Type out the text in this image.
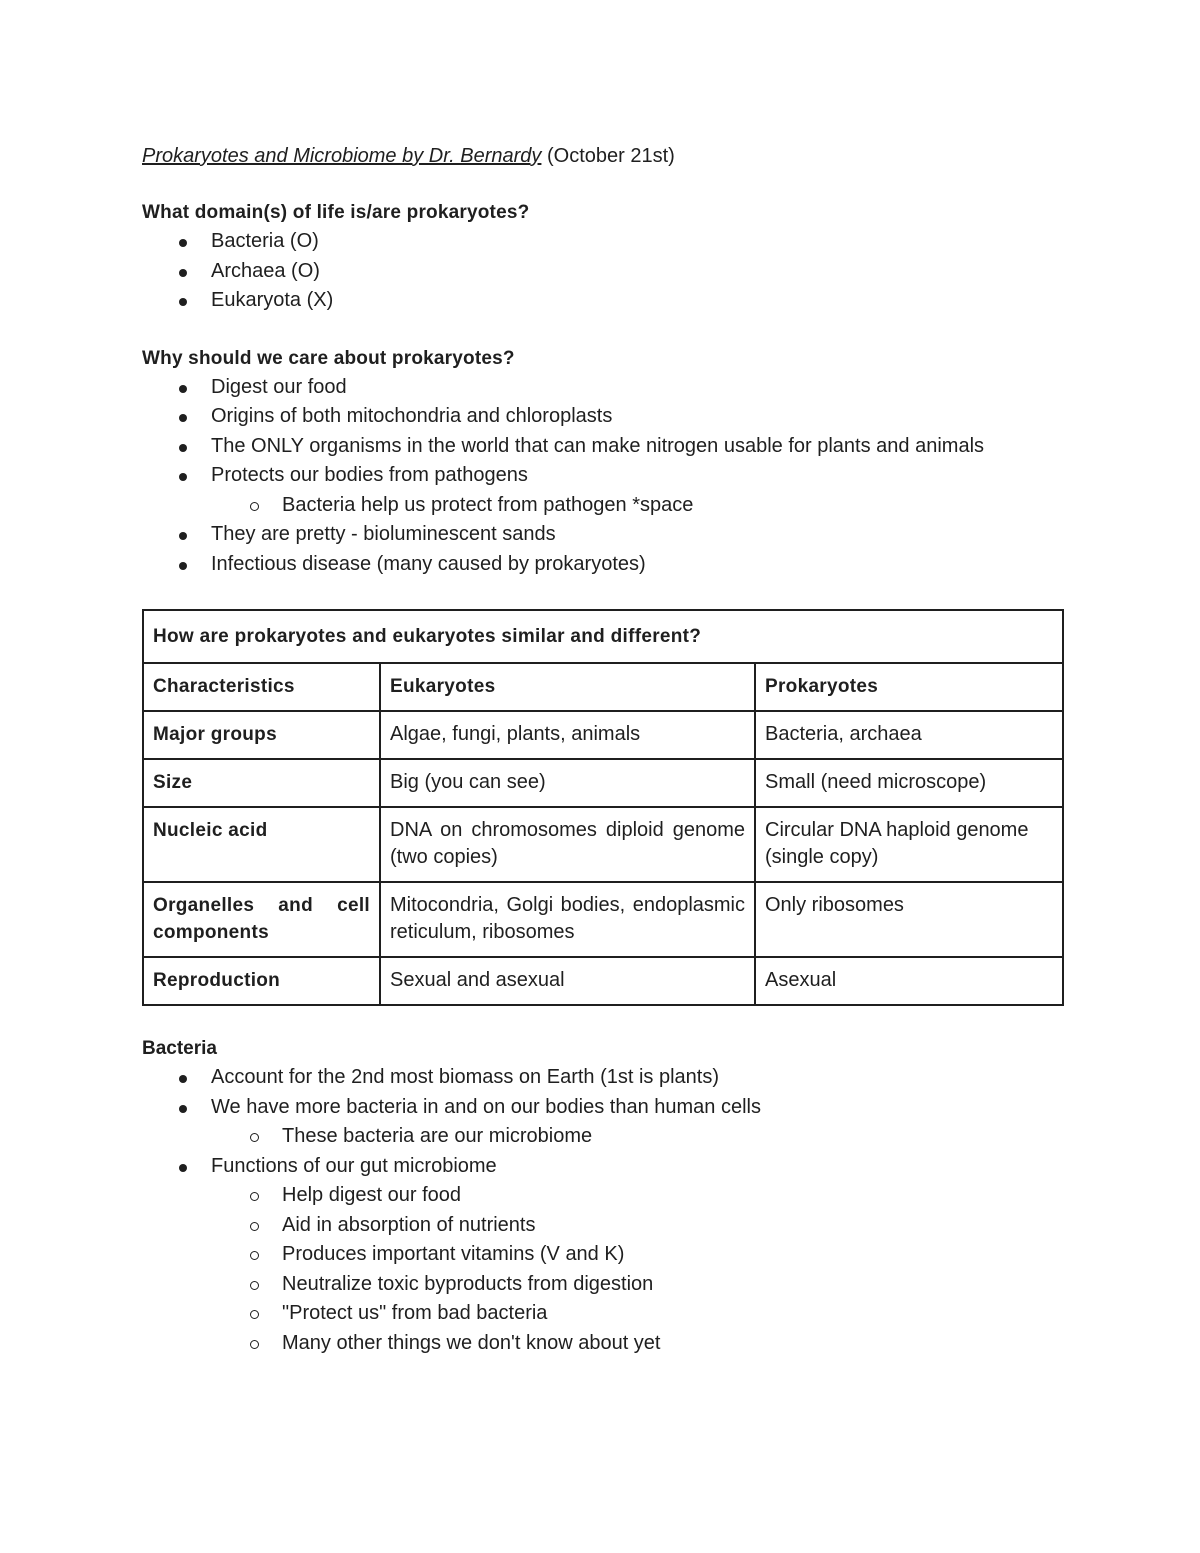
Prokaryotes and Microbiome by Dr. Bernardy (October 21st)

What domain(s) of life is/are prokaryotes?

Bacteria (O)
Archaea (O)
Eukaryota (X)

Why should we care about prokaryotes?

Digest our food
Origins of both mitochondria and chloroplasts
The ONLY organisms in the world that can make nitrogen usable for plants and animals
Protects our bodies from pathogens
Bacteria help us protect from pathogen *space
They are pretty - bioluminescent sands
Infectious disease (many caused by prokaryotes)
How are prokaryotes and eukaryotes similar and different?		
Characteristics	Eukaryotes	Prokaryotes
Major groups	Algae, fungi, plants, animals	Bacteria, archaea
Size	Big (you can see)	Small (need microscope)
Nucleic acid	DNA on chromosomes diploid genome (two copies)	Circular DNA haploid genome (single copy)
Organelles and cell components	Mitocondria, Golgi bodies, endoplasmic reticulum, ribosomes	Only ribosomes
Reproduction	Sexual and asexual	Asexual

Bacteria

Account for the 2nd most biomass on Earth (1st is plants)
We have more bacteria in and on our bodies than human cells
These bacteria are our microbiome
Functions of our gut microbiome
Help digest our food
Aid in absorption of nutrients
Produces important vitamins (V and K)
Neutralize toxic byproducts from digestion
"Protect us" from bad bacteria
Many other things we don't know about yet
